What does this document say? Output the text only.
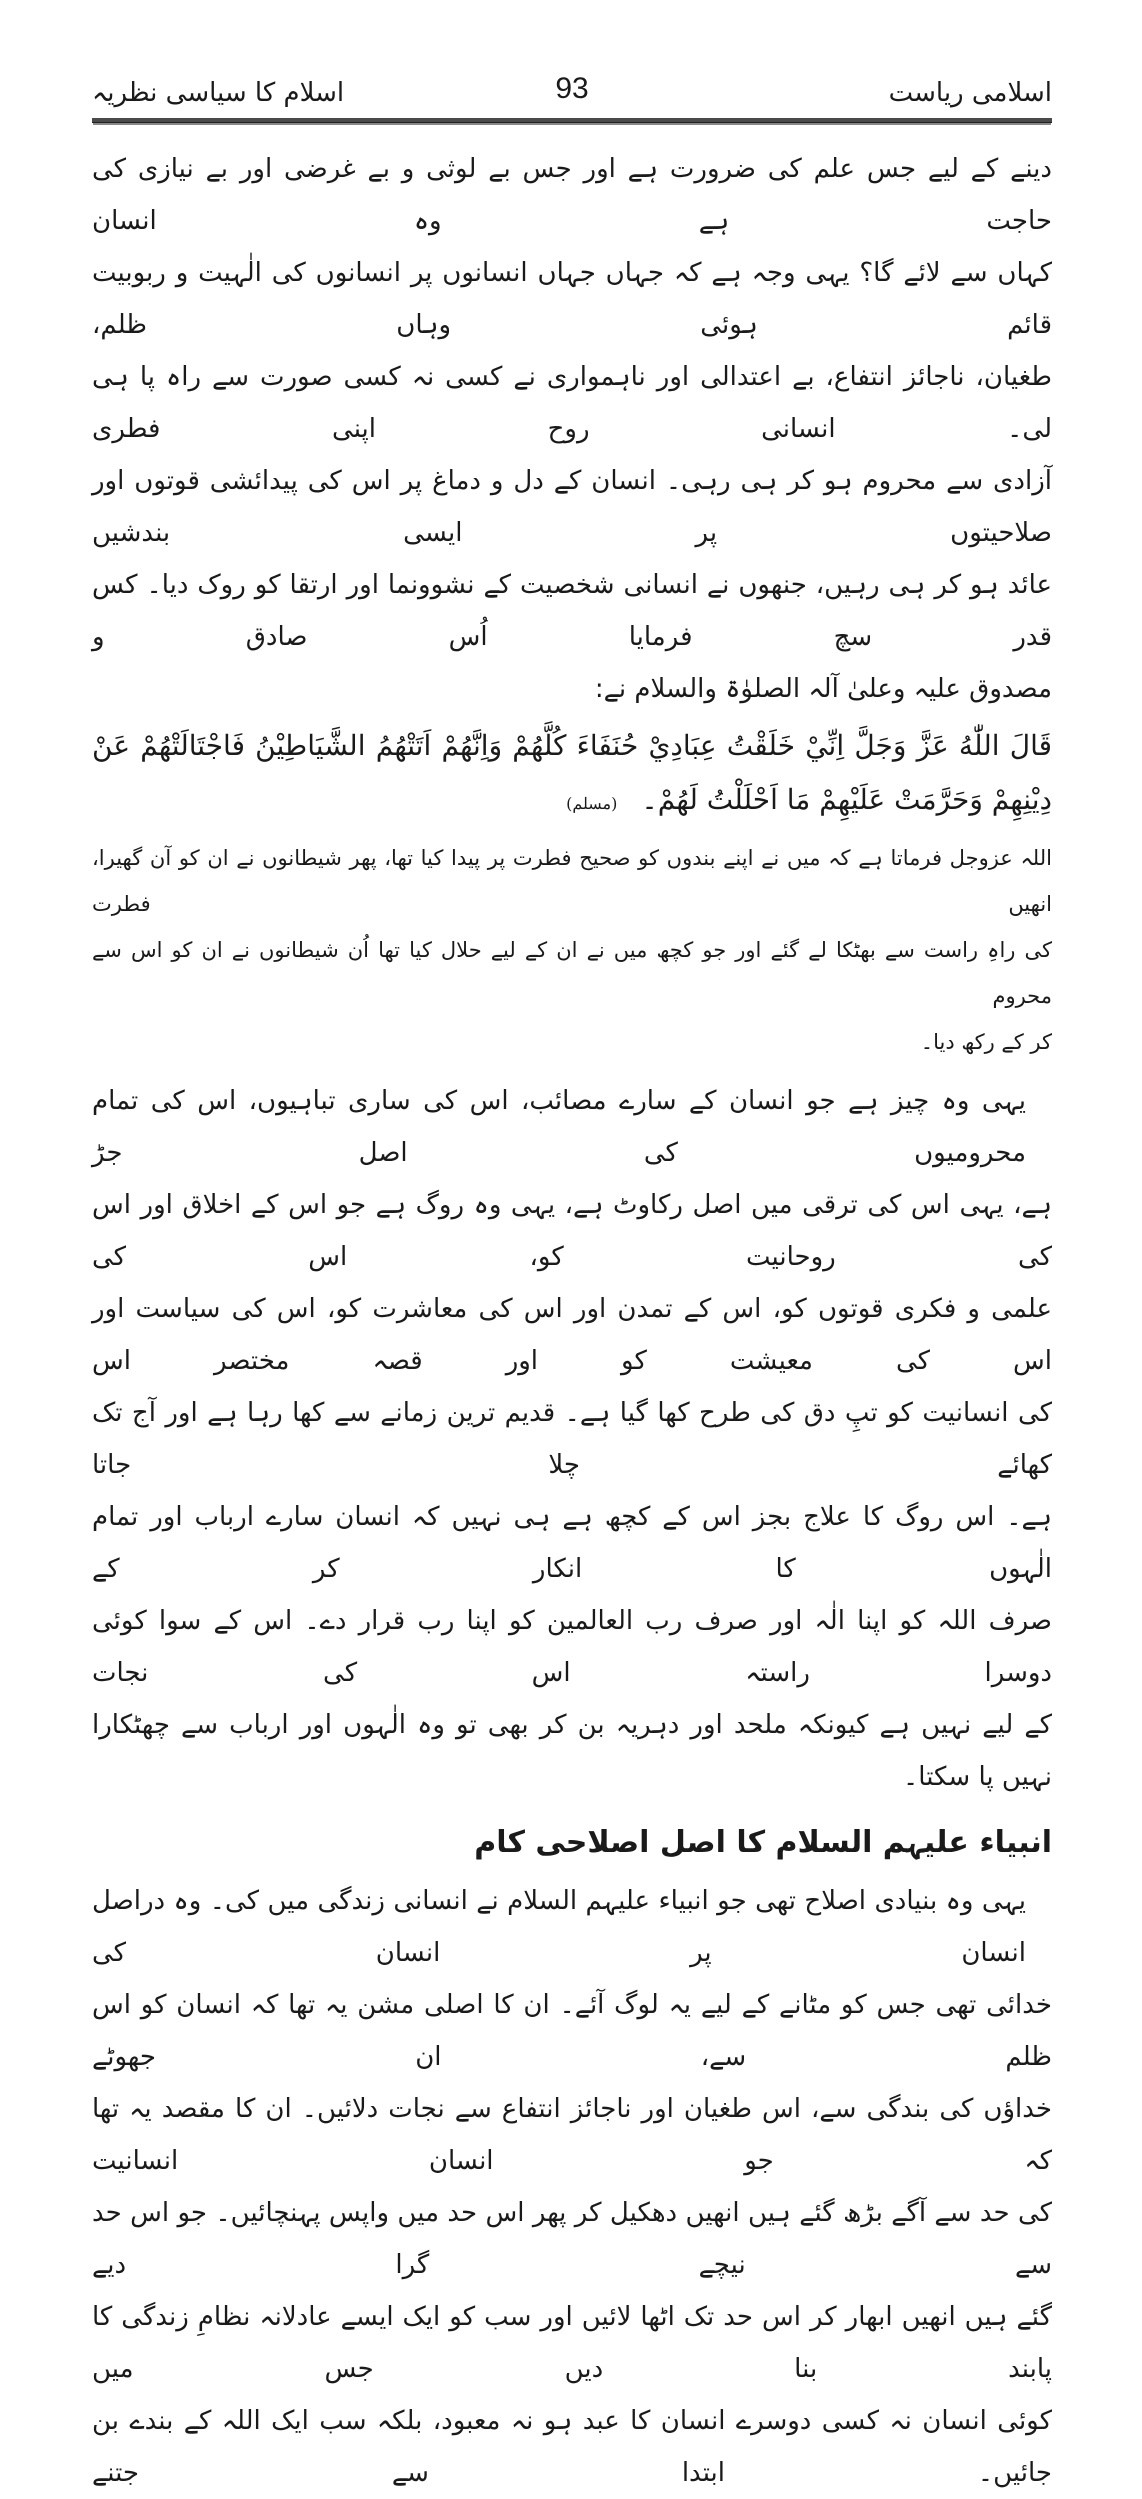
اسلامی ریاست
93
اسلام کا سیاسی نظریہ

دینے کے لیے جس علم کی ضرورت ہے اور جس بے لوثی و بے غرضی اور بے نیازی کی حاجت ہے وہ انسان
کہاں سے لائے گا؟ یہی وجہ ہے کہ جہاں جہاں انسانوں پر انسانوں کی الٰہیت و ربوبیت قائم ہوئی وہاں ظلم،
طغیان، ناجائز انتفاع، بے اعتدالی اور ناہمواری نے کسی نہ کسی صورت سے راہ پا ہی لی۔ انسانی روح اپنی فطری
آزادی سے محروم ہو کر ہی رہی۔ انسان کے دل و دماغ پر اس کی پیدائشی قوتوں اور صلاحیتوں پر ایسی بندشیں
عائد ہو کر ہی رہیں، جنھوں نے انسانی شخصیت کے نشوونما اور ارتقا کو روک دیا۔ کس قدر سچ فرمایا اُس صادق و
مصدوق علیہ وعلیٰ آلہ الصلوٰۃ والسلام نے:

قَالَ اللّٰهُ عَزَّ وَجَلَّ اِنِّيْ خَلَقْتُ عِبَادِيْ حُنَفَاءَ كُلَّهُمْ وَاِنَّهُمْ اَتَتْهُمُ الشَّيَاطِيْنُ فَاجْتَالَتْهُمْ عَنْ
دِيْنِهِمْ وَحَرَّمَتْ عَلَيْهِمْ مَا اَحْلَلْتُ لَهُمْ۔(مسلم)

اللہ عزوجل فرماتا ہے کہ میں نے اپنے بندوں کو صحیح فطرت پر پیدا کیا تھا، پھر شیطانوں نے ان کو آن گھیرا، انھیں فطرت
کی راہِ راست سے بھٹکا لے گئے اور جو کچھ میں نے ان کے لیے حلال کیا تھا اُن شیطانوں نے ان کو اس سے محروم
کر کے رکھ دیا۔

یہی وہ چیز ہے جو انسان کے سارے مصائب، اس کی ساری تباہیوں، اس کی تمام محرومیوں کی اصل جڑ
ہے، یہی اس کی ترقی میں اصل رکاوٹ ہے، یہی وہ روگ ہے جو اس کے اخلاق اور اس کی روحانیت کو، اس کی
علمی و فکری قوتوں کو، اس کے تمدن اور اس کی معاشرت کو، اس کی سیاست اور اس کی معیشت کو اور قصہ مختصر اس
کی انسانیت کو تپِ دق کی طرح کھا گیا ہے۔ قدیم ترین زمانے سے کھا رہا ہے اور آج تک کھائے چلا جاتا
ہے۔ اس روگ کا علاج بجز اس کے کچھ ہے ہی نہیں کہ انسان سارے ارباب اور تمام الٰہوں کا انکار کر کے
صرف اللہ کو اپنا الٰہ اور صرف رب العالمین کو اپنا رب قرار دے۔ اس کے سوا کوئی دوسرا راستہ اس کی نجات
کے لیے نہیں ہے کیونکہ ملحد اور دہریہ بن کر بھی تو وہ الٰہوں اور ارباب سے چھٹکارا نہیں پا سکتا۔

انبیاء علیہم السلام کا اصل اصلاحی کام

یہی وہ بنیادی اصلاح تھی جو انبیاء علیہم السلام نے انسانی زندگی میں کی۔ وہ دراصل انسان پر انسان کی
خدائی تھی جس کو مٹانے کے لیے یہ لوگ آئے۔ ان کا اصلی مشن یہ تھا کہ انسان کو اس ظلم سے، ان جھوٹے
خداؤں کی بندگی سے، اس طغیان اور ناجائز انتفاع سے نجات دلائیں۔ ان کا مقصد یہ تھا کہ جو انسان انسانیت
کی حد سے آگے بڑھ گئے ہیں انھیں دھکیل کر پھر اس حد میں واپس پہنچائیں۔ جو اس حد سے نیچے گرا دیے
گئے ہیں انھیں ابھار کر اس حد تک اٹھا لائیں اور سب کو ایک ایسے عادلانہ نظامِ زندگی کا پابند بنا دیں جس میں
کوئی انسان نہ کسی دوسرے انسان کا عبد ہو نہ معبود، بلکہ سب ایک اللہ کے بندے بن جائیں۔ ابتدا سے جتنے
